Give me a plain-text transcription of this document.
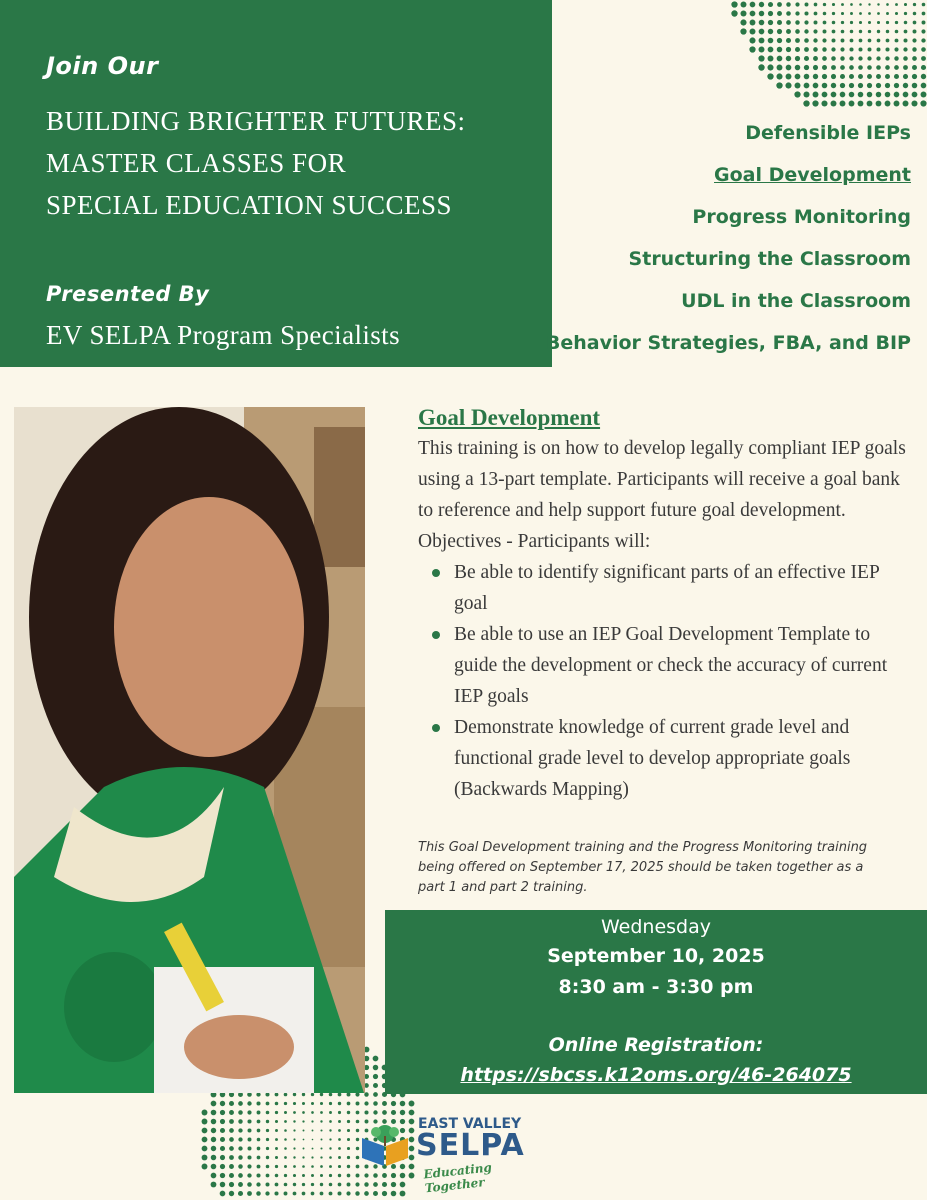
Join Our
BUILDING BRIGHTER FUTURES:
MASTER CLASSES FOR
SPECIAL EDUCATION SUCCESS
Presented By
EV SELPA Program Specialists
Defensible IEPs
Goal Development
Progress Monitoring
Structuring the Classroom
UDL in the Classroom
Behavior Strategies, FBA, and BIP
Goal Development

This training is on how to develop legally compliant IEP goals using a 13-part template. Participants will receive a goal bank to reference and help support future goal development. Objectives - Participants will:

Be able to identify significant parts of an effective IEP goal
Be able to use an IEP Goal Development Template to guide the development or check the accuracy of current IEP goals
Demonstrate knowledge of current grade level and functional grade level to develop appropriate goals (Backwards Mapping)
This Goal Development training and the Progress Monitoring training being offered on September 17, 2025 should be taken together as a part 1 and part 2 training.
Wednesday
September 10, 2025
8:30 am - 3:30 pm
Online Registration:
https://sbcss.k12oms.org/46-264075
EAST VALLEY
SELPA
Educating Together
